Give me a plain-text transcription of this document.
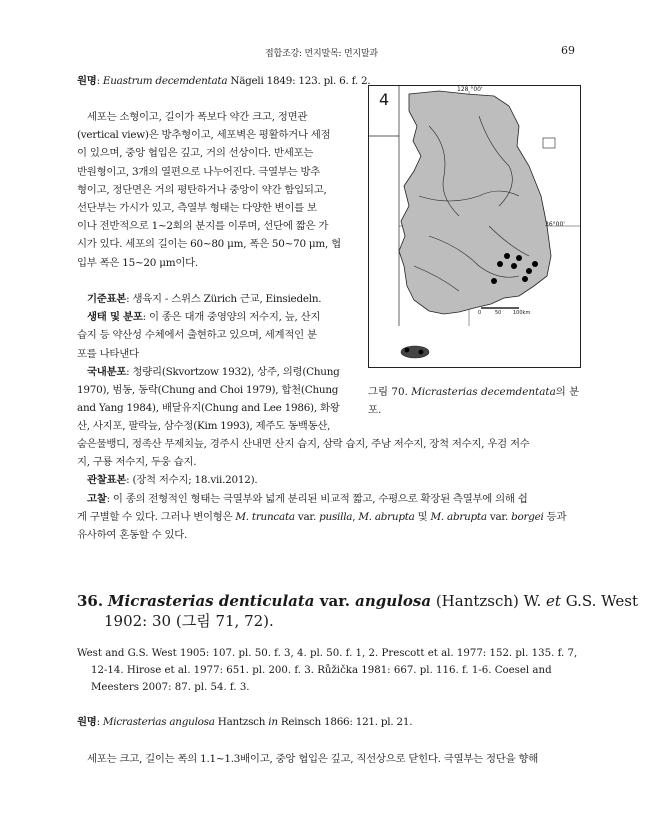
접합조강: 먼지말목: 먼지말과	69
원명: Euastrum decemdentata Nägeli 1849: 123. pl. 6. f. 2.

세포는 소형이고, 길이가 폭보다 약간 크고, 정면관

(vertical view)은 방추형이고, 세포벽은 평활하거나 세점

이 있으며, 중앙 협입은 깊고, 거의 선상이다. 반세포는

반원형이고, 3개의 열편으로 나누어진다. 극열부는 방추

형이고, 정단면은 거의 평탄하거나 중앙이 약간 함입되고,

선단부는 가시가 있고, 측열부 형태는 다양한 변이를 보

이나 전반적으로 1~2회의 분지를 이루며, 선단에 짧은 가

시가 있다. 세포의 길이는 60~80 μm, 폭은 50~70 μm, 협

입부 폭은 15~20 μm이다.

기준표본: 생육지 - 스위스 Zürich 근교, Einsiedeln.

생태 및 분포: 이 종은 대개 중영양의 저수지, 늪, 산지

습지 등 약산성 수체에서 출현하고 있으며, 세계적인 분

포를 나타낸다

국내분포: 청량리(Skvortzow 1932), 상주, 의령(Chung

1970), 범동, 동락(Chung and Choi 1979), 합천(Chung

and Yang 1984), 배달유지(Chung and Lee 1986), 화왕

산, 사지포, 팔락늪, 삼수정(Kim 1993), 제주도 동백동산,

숨은물뱅디, 정족산 무제치늪, 경주시 산내면 산지 습지, 삼락 습지, 주남 저수지, 장척 저수지, 우검 저수

지, 구룡 저수지, 두웅 습지.

관찰표본: (장척 저수지; 18.vii.2012).

고찰: 이 종의 전형적인 형태는 극열부와 넓게 분리된 비교적 짧고, 수평으로 확장된 측열부에 의해 쉽

게 구별할 수 있다. 그러나 변이형은 M. truncata var. pusilla, M. abrupta 및 M. abrupta var. borgei 등과

유사하여 혼동할 수 있다.

4
128 °00'
36°00'
0	50 100km
그림 70. Micrasterias decemdentata의 분
포.
36. Micrasterias denticulata var. angulosa (Hantzsch) W. et G.S. West
1902: 30 (그림 71, 72).

West and G.S. West 1905: 107. pl. 50. f. 3, 4. pl. 50. f. 1, 2. Prescott et al. 1977: 152. pl. 135. f. 7, 12-14. Hirose et al. 1977: 651. pl. 200. f. 3. Růžička 1981: 667. pl. 116. f. 1-6. Coesel and Meesters 2007: 87. pl. 54. f. 3.

원명: Micrasterias angulosa Hantzsch in Reinsch 1866: 121. pl. 21.

세포는 크고, 길이는 폭의 1.1~1.3배이고, 중앙 협입은 깊고, 직선상으로 닫힌다. 극열부는 정단을 향해
